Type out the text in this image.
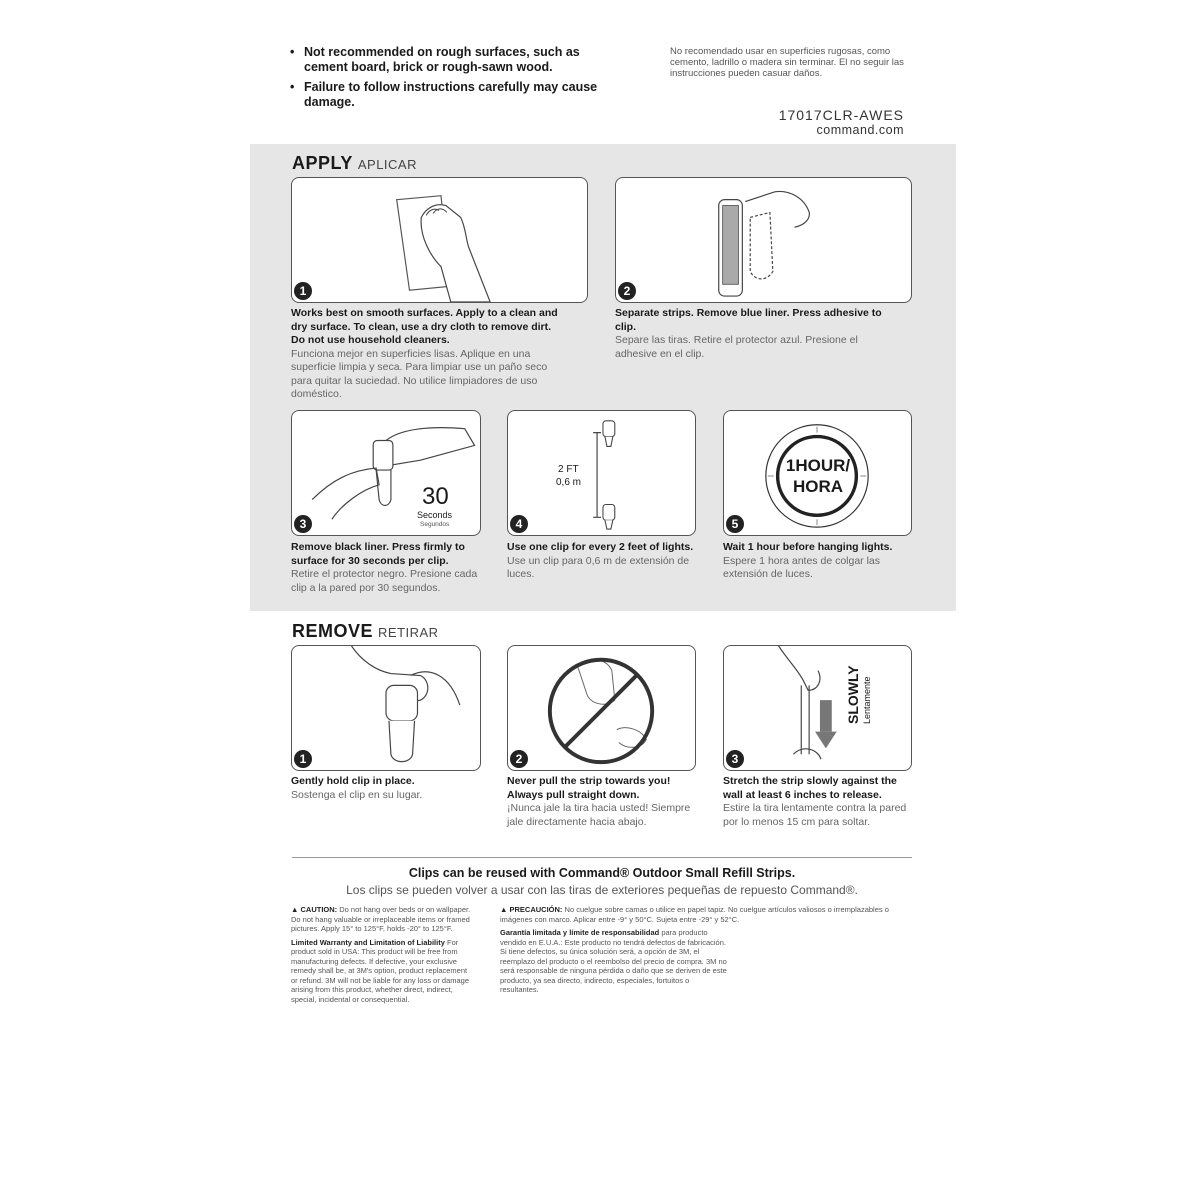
• Not recommended on rough surfaces, such as cement board, brick or rough-sawn wood.
• Failure to follow instructions carefully may cause damage.
No recomendado usar en superficies rugosas, como cemento, ladrillo o madera sin terminar. El no seguir las instrucciones pueden casuar daños.
17017CLR-AWES
command.com
APPLY APLICAR
1
Works best on smooth surfaces. Apply to a clean and dry surface. To clean, use a dry cloth to remove dirt. Do not use household cleaners.
Funciona mejor en superficies lisas. Aplique en una superficie limpia y seca. Para limpiar use un paño seco para quitar la suciedad. No utilice limpiadores de uso doméstico.
2
Separate strips. Remove blue liner. Press adhesive to clip.
Separe las tiras. Retire el protector azul. Presione el adhesive en el clip.
30
Seconds
Segundos
3
Remove black liner. Press firmly to surface for 30 seconds per clip.
Retire el protector negro. Presione cada clip a la pared por 30 segundos.
2 FT
0,6 m
4
Use one clip for every 2 feet of lights.
Use un clip para 0,6 m de extensión de luces.
1HOUR/
HORA
5
Wait 1 hour before hanging lights.
Espere 1 hora antes de colgar las extensión de luces.
REMOVE RETIRAR
1
Gently hold clip in place.
Sostenga el clip en su lugar.
2
Never pull the strip towards you! Always pull straight down.
¡Nunca jale la tira hacia usted! Siempre jale directamente hacia abajo.
SLOWLY Lentamente
3
Stretch the strip slowly against the wall at least 6 inches to release.
Estire la tira lentamente contra la pared por lo menos 15 cm para soltar.
Clips can be reused with Command® Outdoor Small Refill Strips.
Los clips se pueden volver a usar con las tiras de exteriores pequeñas de repuesto Command®.
▲ CAUTION: Do not hang over beds or on wallpaper. Do not hang valuable or irreplaceable items or framed pictures. Apply 15° to 125°F, holds -20° to 125°F.
Limited Warranty and Limitation of Liability For product sold in USA: This product will be free from manufacturing defects. If defective, your exclusive remedy shall be, at 3M's option, product replacement or refund. 3M will not be liable for any loss or damage arising from this product, whether direct, indirect, special, incidental or consequential.
▲ PRECAUCIÓN: No cuelgue sobre camas o utilice en papel tapiz. No cuelgue artículos valiosos o irremplazables o imágenes con marco. Aplicar entre -9° y 50°C. Sujeta entre -29° y 52°C.
Garantía limitada y límite de responsabilidad para producto vendido en E.U.A.: Este producto no tendrá defectos de fabricación. Si tiene defectos, su única solución será, a opción de 3M, el reemplazo del producto o el reembolso del precio de compra. 3M no será responsable de ninguna pérdida o daño que se deriven de este producto, ya sea directo, indirecto, especiales, fortuitos o resultantes.
